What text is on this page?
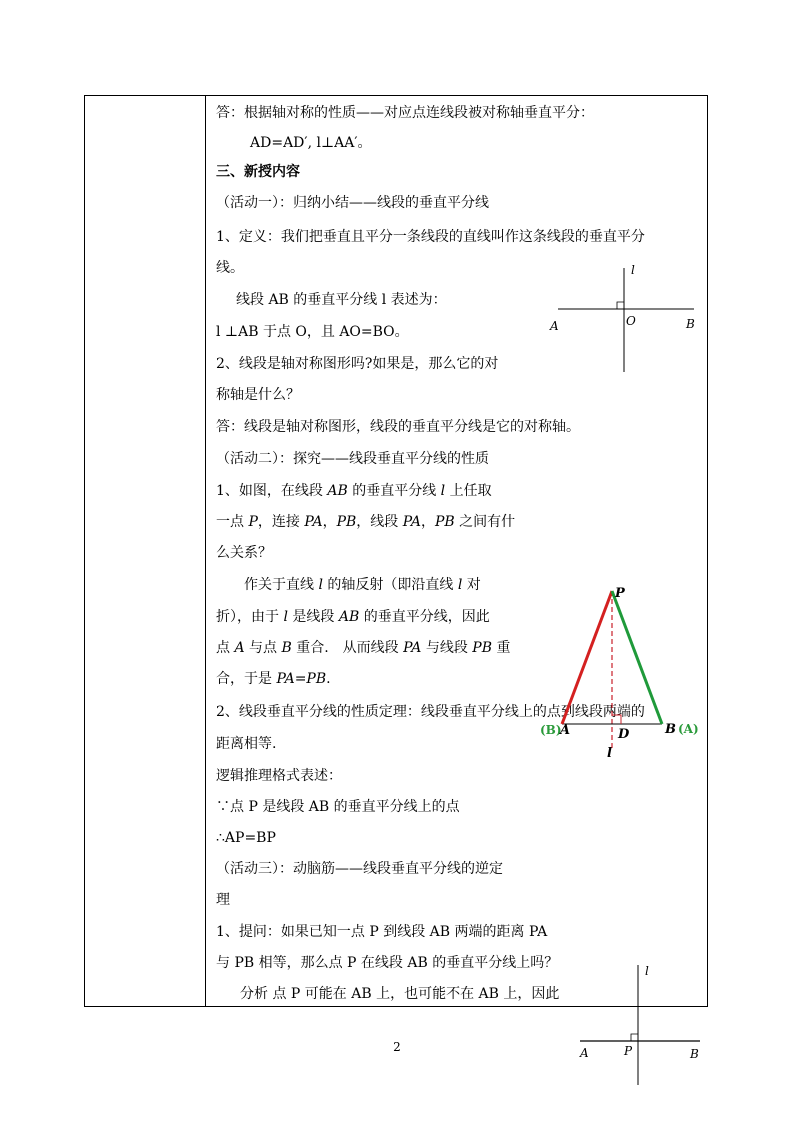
答：根据轴对称的性质——对应点连线段被对称轴垂直平分：
AD=AD′, l⊥AA′。
三、新授内容
（活动一）：归纳小结——线段的垂直平分线
1、定义：我们把垂直且平分一条线段的直线叫作这条线段的垂直平分
线。
线段 AB 的垂直平分线 l 表述为：
l ⊥AB 于点 O，且 AO=BO。
2、线段是轴对称图形吗?如果是，那么它的对
称轴是什么？
答：线段是轴对称图形，线段的垂直平分线是它的对称轴。
（活动二）：探究——线段垂直平分线的性质
1、如图，在线段 AB 的垂直平分线 l 上任取
一点 P，连接 PA，PB，线段 PA，PB 之间有什
么关系？
作关于直线 l 的轴反射（即沿直线 l 对
折），由于 l 是线段 AB 的垂直平分线，因此
点 A 与点 B 重合.　从而线段 PA 与线段 PB 重
合，于是 PA=PB.
2、线段垂直平分线的性质定理：线段垂直平分线上的点到线段两端的
距离相等.
逻辑推理格式表述：
∵点 P 是线段 AB 的垂直平分线上的点
∴AP=BP
（活动三）：动脑筋——线段垂直平分线的逆定
理
1、提问：如果已知一点 P 到线段 AB 两端的距离 PA
与 PB 相等，那么点 P 在线段 AB 的垂直平分线上吗？
分析 点 P 可能在 AB 上，也可能不在 AB 上，因此
l
A	O	B
P
(B)
A	D	B (A)
l
l
A	P	B
2
